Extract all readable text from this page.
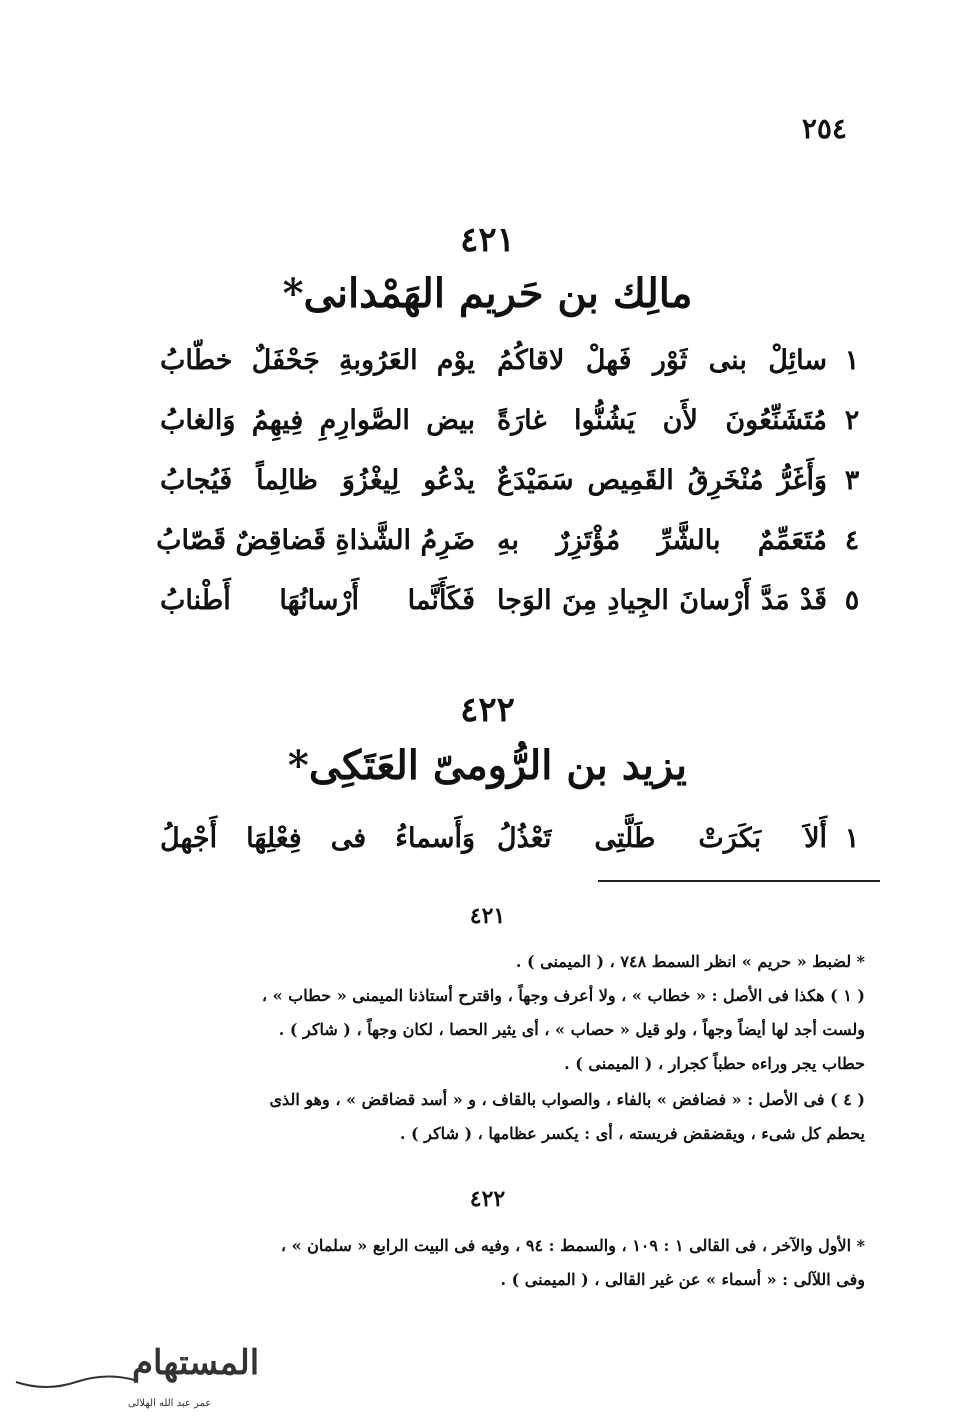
٢٥٤
٤٢١
مالِك بن حَريم الهَمْدانى*
١
سائِلْ بنى ثَوْر فَهلْ لاقاكُمُ
يوْم العَرُوبةِ جَحْفَلٌ خطّابُ
٢
مُتَشَنِّعُونَ لأَن يَشُنُّوا غارَةً
بيض الصَّوارِمِ فِيهِمُ وَالغابُ
٣
وَأَغَرُّ مُنْخَرِقُ القَمِيص سَمَيْدَعٌ
يدْعُو لِيغْزُوَ ظالِماً فَيُجابُ
٤
مُتَعَمِّمٌ بالشَّرِّ مُؤْتَزِرٌ بهِ
ضَرِمُ الشَّذاةِ قَضاقِضٌ قَصّابُ
٥
قَدْ مَدَّ أَرْسانَ الجِيادِ مِنَ الوَجا
فَكَأَنَّما أَرْسانُهَا أَطْنابُ
٤٢٢
يزيد بن الرُّومىّ العَتَكِى*
١
أَلاَ بَكَرَتْ طَلَّتِى تَعْذُلُ
وَأَسماءُ فى فِعْلِهَا أَجْهلُ
٤٢١
* لضبط « حريم » انظر السمط ٧٤٨ ، ( الميمنى ) .
( ١ ) هكذا فى الأصل : « خطاب » ، ولا أعرف وجهاً ، واقترح أستاذنا الميمنى « حطاب » ،
ولست أجد لها أيضاً وجهاً ، ولو قيل « حصاب » ، أى يثير الحصا ، لكان وجهاً ، ( شاكر ) .
حطاب يجر وراءه حطباً كجرار ، ( الميمنى ) .
( ٤ ) فى الأصل : « فضافض » بالفاء ، والصواب بالقاف ، و « أسد قضاقض » ، وهو الذى
يحطم كل شىء ، ويقضقض فريسته ، أى : يكسر عظامها ، ( شاكر ) .
٤٢٢
* الأول والآخر ، فى القالى ١ : ١٠٩ ، والسمط : ٩٤ ، وفيه فى البيت الرابع « سلمان » ،
وفى اللآلى : « أسماء » عن غير القالى ، ( الميمنى ) .
المستهام
عمر عبد الله الهلالى
